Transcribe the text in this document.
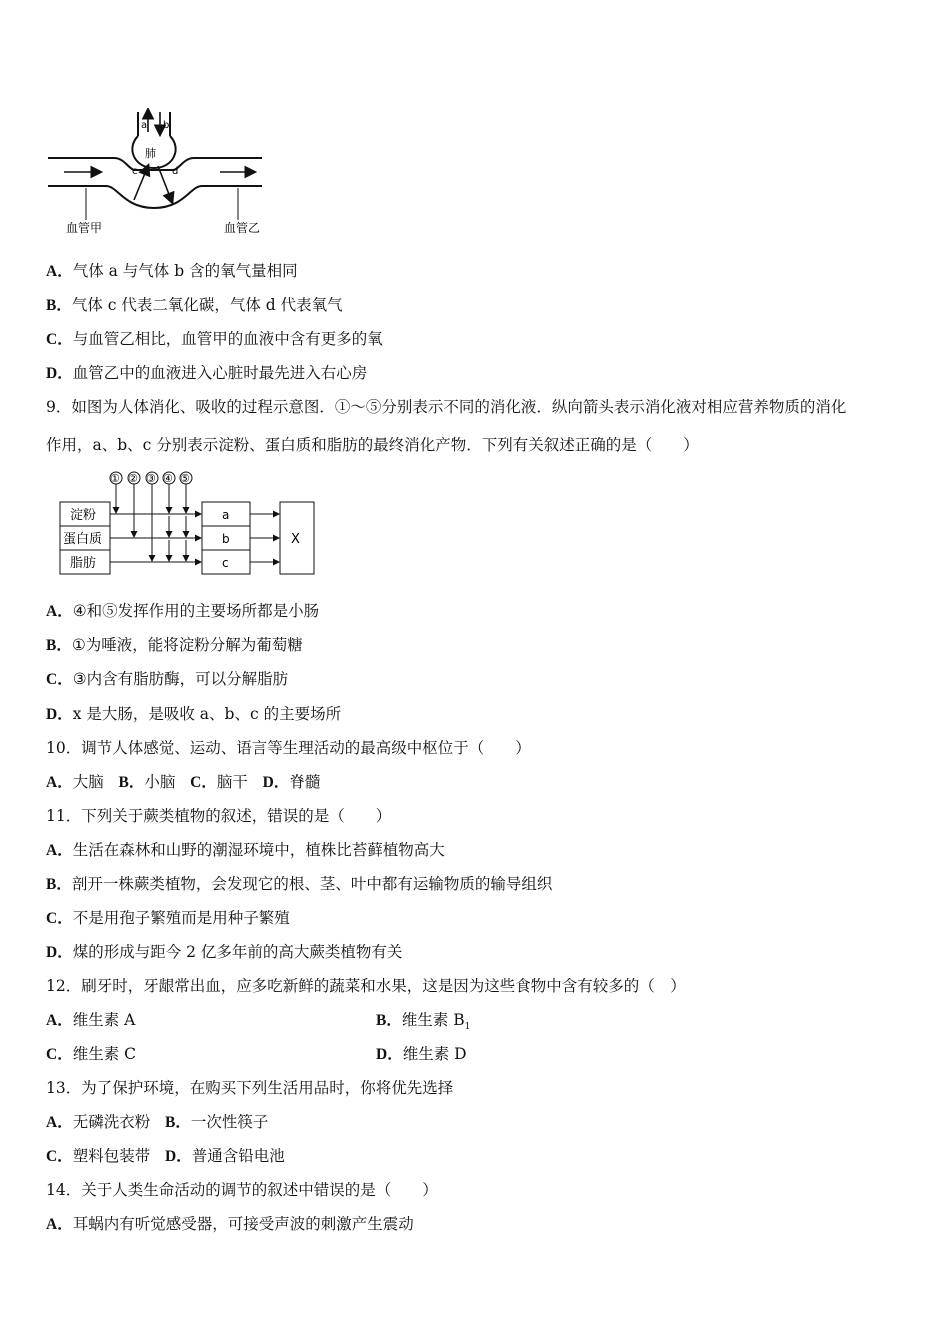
肺
a b
c	d
血管甲	血管乙
A．气体 a 与气体 b 含的氧气量相同
B．气体 c 代表二氧化碳，气体 d 代表氧气
C．与血管乙相比，血管甲的血液中含有更多的氧
D．血管乙中的血液进入心脏时最先进入右心房
9．如图为人体消化、吸收的过程示意图．①～⑤分别表示不同的消化液．纵向箭头表示消化液对相应营养物质的消化
作用，a、b、c 分别表示淀粉、蛋白质和脂肪的最终消化产物．下列有关叙述正确的是（　　）
① ② ③ ④ ⑤
淀粉
蛋白质
脂肪
a
b
c
X
A．④和⑤发挥作用的主要场所都是小肠
B．①为唾液，能将淀粉分解为葡萄糖
C．③内含有脂肪酶，可以分解脂肪
D．x 是大肠，是吸收 a、b、c 的主要场所
10．调节人体感觉、运动、语言等生理活动的最高级中枢位于（　　）
A．大脑 B．小脑 C．脑干 D．脊髓
11．下列关于蕨类植物的叙述，错误的是（　　）
A．生活在森林和山野的潮湿环境中，植株比苔藓植物高大
B．剖开一株蕨类植物，会发现它的根、茎、叶中都有运输物质的输导组织
C．不是用孢子繁殖而是用种子繁殖
D．煤的形成与距今 2 亿多年前的高大蕨类植物有关
12．刷牙时，牙龈常出血，应多吃新鲜的蔬菜和水果，这是因为这些食物中含有较多的（　）
A．维生素 A	B．维生素 $B_1$
C．维生素 C	D．维生素 D
13．为了保护环境，在购买下列生活用品时，你将优先选择
A．无磷洗衣粉 B．一次性筷子
C．塑料包装带 D．普通含铅电池
14．关于人类生命活动的调节的叙述中错误的是（　　）
A．耳蜗内有听觉感受器，可接受声波的刺激产生震动
